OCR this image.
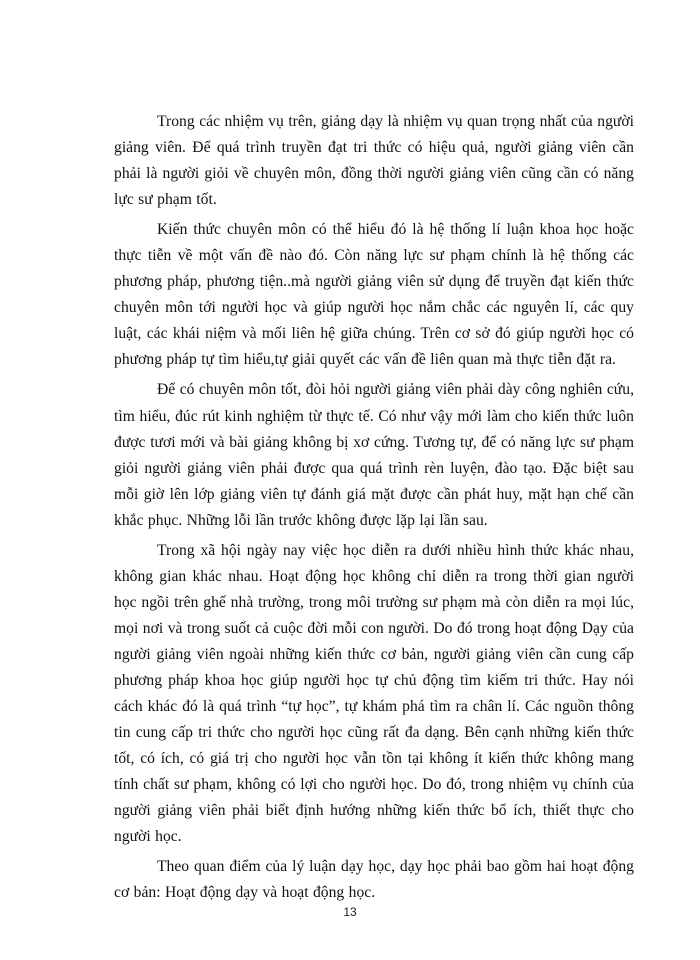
Trong các nhiệm vụ trên, giảng dạy là nhiệm vụ quan trọng nhất của người giảng viên. Để quá trình truyền đạt tri thức có hiệu quả, người giảng viên cần phải là người giỏi về chuyên môn, đồng thời người giảng viên cũng cần có năng lực sư phạm tốt.

Kiến thức chuyên môn có thể hiểu đó là hệ thống lí luận khoa học hoặc thực tiễn về một vấn đề nào đó. Còn năng lực sư phạm chính là hệ thống các phương pháp, phương tiện..mà người giảng viên sử dụng để truyền đạt kiến thức chuyên môn tới người học và giúp người học nắm chắc các nguyên lí, các quy luật, các khái niệm và mối liên hệ giữa chúng. Trên cơ sở đó giúp người học có phương pháp tự tìm hiểu,tự giải quyết các vấn đề liên quan mà thực tiễn đặt ra.

Để có chuyên môn tốt, đòi hỏi người giảng viên phải dày công nghiên cứu, tìm hiểu, đúc rút kinh nghiệm từ thực tế. Có như vậy mới làm cho kiến thức luôn được tươi mới và bài giảng không bị xơ cứng. Tương tự, để có năng lực sư phạm giỏi người giảng viên phải được qua quá trình rèn luyện, đào tạo. Đặc biệt sau mỗi giờ lên lớp giảng viên tự đánh giá mặt được cần phát huy, mặt hạn chế cần khắc phục. Những lỗi lần trước không được lặp lại lần sau.

Trong xã hội ngày nay việc học diễn ra dưới nhiều hình thức khác nhau, không gian khác nhau. Hoạt động học không chỉ diễn ra trong thời gian người học ngồi trên ghế nhà trường, trong môi trường sư phạm mà còn diễn ra mọi lúc, mọi nơi và trong suốt cả cuộc đời mỗi con người. Do đó trong hoạt động Dạy của người giảng viên ngoài những kiến thức cơ bản, người giảng viên cần cung cấp phương pháp khoa học giúp người học tự chủ động tìm kiếm tri thức. Hay nói cách khác đó là quá trình “tự học”, tự khám phá tìm ra chân lí. Các nguồn thông tin cung cấp tri thức cho người học cũng rất đa dạng. Bên cạnh những kiến thức tốt, có ích, có giá trị cho người học vẫn tồn tại không ít kiến thức không mang tính chất sư phạm, không có lợi cho người học. Do đó, trong nhiệm vụ chính của người giảng viên phải biết định hướng những kiến thức bổ ích, thiết thực cho người học.

Theo quan điểm của lý luận dạy học, dạy học phải bao gồm hai hoạt động cơ bản: Hoạt động dạy và hoạt động học.

13
